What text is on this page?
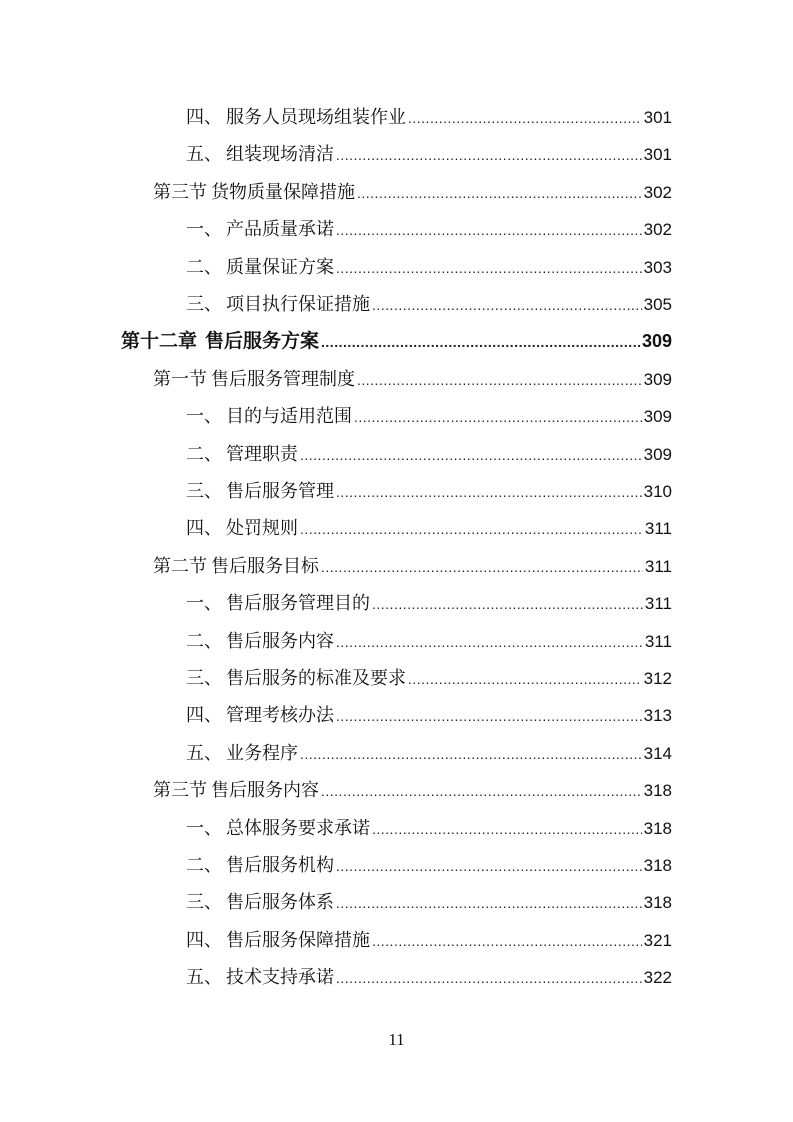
四、 服务人员现场组装作业 .....	301
五、 组装现场清洁 .....	301
第三节 货物质量保障措施 .....	302
一、 产品质量承诺 .....	302
二、 质量保证方案 .....	303
三、 项目执行保证措施 .....	305
第十二章 售后服务方案 .....	309
第一节 售后服务管理制度 .....	309
一、 目的与适用范围 .....	309
二、 管理职责 .....	309
三、 售后服务管理 .....	310
四、 处罚规则 .....	311
第二节 售后服务目标 .....	311
一、 售后服务管理目的 .....	311
二、 售后服务内容 .....	311
三、 售后服务的标准及要求 .....	312
四、 管理考核办法 .....	313
五、 业务程序 .....	314
第三节 售后服务内容 .....	318
一、 总体服务要求承诺 .....	318
二、 售后服务机构 .....	318
三、 售后服务体系 .....	318
四、 售后服务保障措施 .....	321
五、 技术支持承诺 .....	322
11
